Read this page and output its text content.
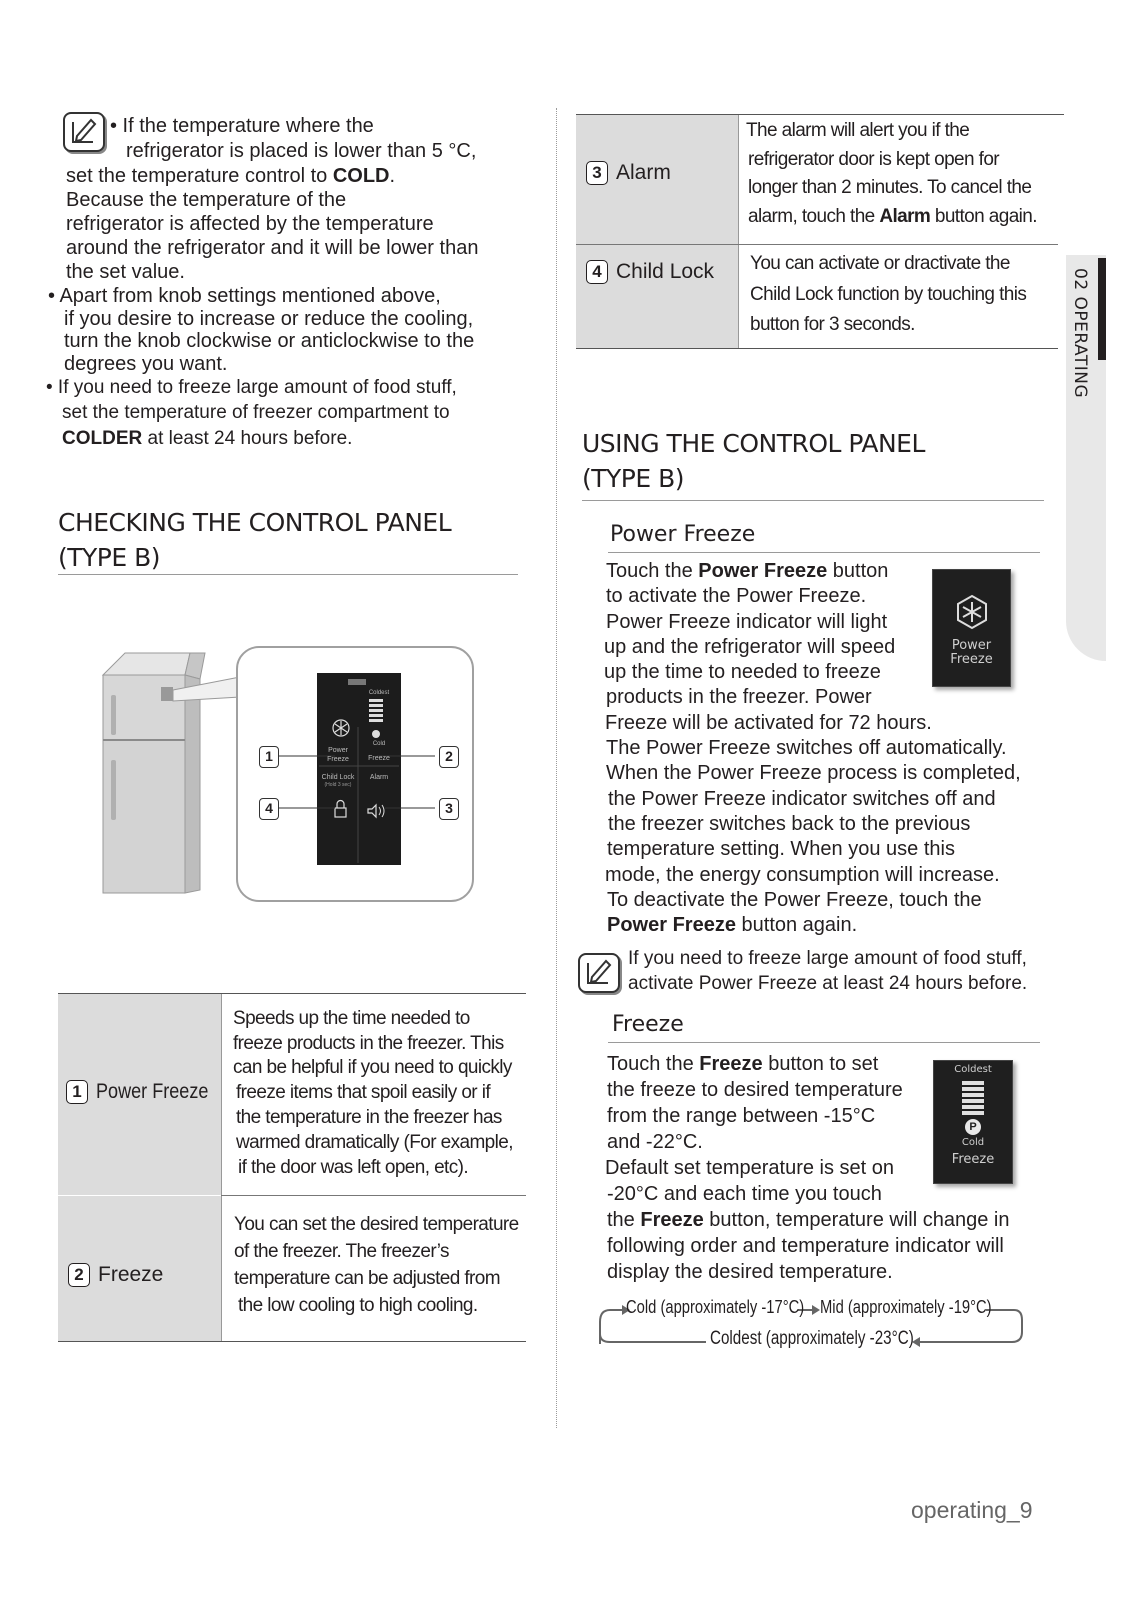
• If the temperature where the
refrigerator is placed is lower than 5 °C,
set the temperature control to COLD.
Because the temperature of the
refrigerator is affected by the temperature
around the refrigerator and it will be lower than
the set value.
• Apart from knob settings mentioned above,
if you desire to increase or reduce the cooling,
turn the knob clockwise or anticlockwise to the
degrees you want.
• If you need to freeze large amount of food stuff,
set the temperature of freezer compartment to
COLDER at least 24 hours before.
CHECKING THE CONTROL PANEL
(TYPE B)
Coldest
Cold
Power
Freeze	Freeze
Child Lock
(Hold 3 sec)
Alarm
1	2
3
4
1 Power Freeze
Speeds up the time needed to
freeze products in the freezer. This
can be helpful if you need to quickly
freeze items that spoil easily or if
the temperature in the freezer has
warmed dramatically (For example,
if the door was left open, etc).
2 Freeze
You can set the desired temperature
of the freezer. The freezer’s
temperature can be adjusted from
the low cooling to high cooling.
3 Alarm
The alarm will alert you if the
refrigerator door is kept open for
longer than 2 minutes. To cancel the
alarm, touch the Alarm button again.
4 Child Lock You can activate or dractivate the
Child Lock function by touching this
button for 3 seconds.	02 OPERATING
USING THE CONTROL PANEL
(TYPE B)
Power Freeze
Power
Freeze
Touch the Power Freeze button
to activate the Power Freeze.
Power Freeze indicator will light
up and the refrigerator will speed
up the time to needed to freeze
products in the freezer. Power
Freeze will be activated for 72 hours.
The Power Freeze switches off automatically.
When the Power Freeze process is completed,
the Power Freeze indicator switches off and
the freezer switches back to the previous
temperature setting. When you use this
mode, the energy consumption will increase.
To deactivate the Power Freeze, touch the
Power Freeze button again.
If you need to freeze large amount of food stuff,
activate Power Freeze at least 24 hours before.
Freeze
Coldest
P
Cold
Freeze
Touch the Freeze button to set
the freeze to desired temperature
from the range between -15°C
and -22°C.
Default set temperature is set on
-20°C and each time you touch
the Freeze button, temperature will change in
following order and temperature indicator will
display the desired temperature.
Cold (approximately -17°C) Mid (approximately -19°C)
Coldest (approximately -23°C)
operating_9
